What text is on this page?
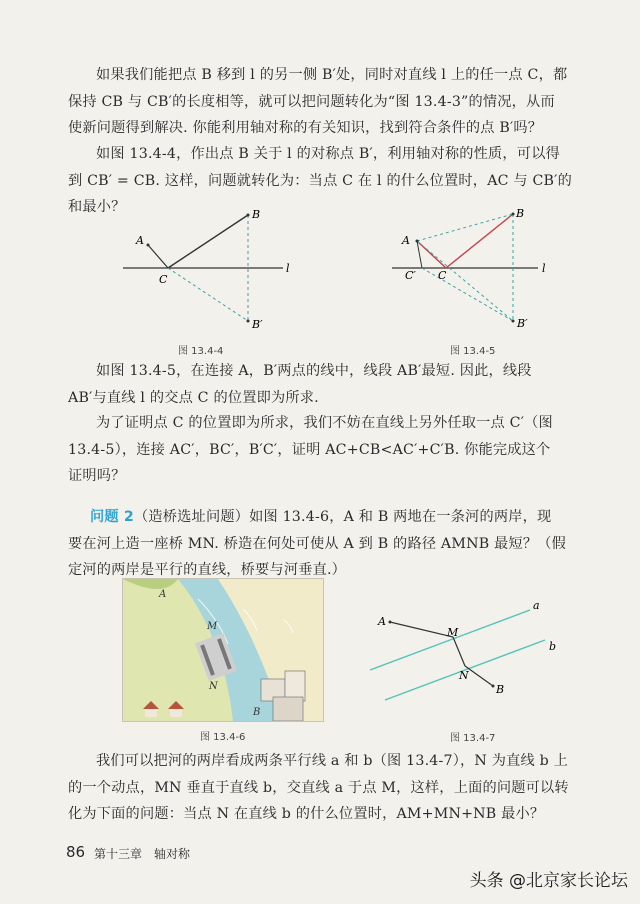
如果我们能把点 B 移到 l 的另一侧 B′处，同时对直线 l 上的任一点 C，都
保持 CB 与 CB′的长度相等，就可以把问题转化为“图 13.4-3”的情况，从而
使新问题得到解决. 你能利用轴对称的有关知识，找到符合条件的点 B′吗？
如图 13.4-4，作出点 B 关于 l 的对称点 B′，利用轴对称的性质，可以得
到 CB′ = CB. 这样，问题就转化为：当点 C 在 l 的什么位置时，AC 与 CB′的
和最小？
A
B
C
l
B′
图 13.4-4
A
B
C
C′
l
B′
图 13.4-5
如图 13.4-5，在连接 A，B′两点的线中，线段 AB′最短. 因此，线段
AB′与直线 l 的交点 C 的位置即为所求.
为了证明点 C 的位置即为所求，我们不妨在直线上另外任取一点 C′（图
13.4-5），连接 AC′，BC′，B′C′，证明 AC+CB<AC′+C′B. 你能完成这个
证明吗？
问题 2（造桥选址问题）如图 13.4-6，A 和 B 两地在一条河的两岸，现
要在河上造一座桥 MN. 桥造在何处可使从 A 到 B 的路径 AMNB 最短？（假
定河的两岸是平行的直线，桥要与河垂直.）
A
M
N
B
图 13.4-6
A
M
N
B
a
b
图 13.4-7
我们可以把河的两岸看成两条平行线 a 和 b（图 13.4-7），N 为直线 b 上
的一个动点，MN 垂直于直线 b，交直线 a 于点 M，这样，上面的问题可以转
化为下面的问题：当点 N 在直线 b 的什么位置时，AM+MN+NB 最小？
86 第十三章　轴对称
头条 @北京家长论坛
